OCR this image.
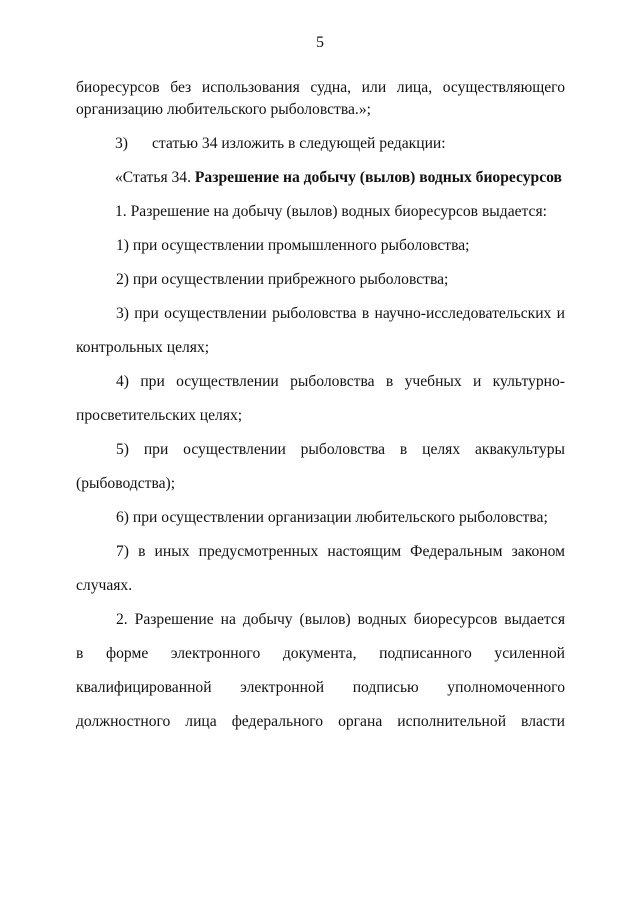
5
биоресурсов без использования судна, или лица, осуществляющего
организацию любительского рыболовства.»;
3)	статью 34 изложить в следующей редакции:
«Статья 34. Разрешение на добычу (вылов) водных биоресурсов
1. Разрешение на добычу (вылов) водных биоресурсов выдается:
1) при осуществлении промышленного рыболовства;
2) при осуществлении прибрежного рыболовства;
3) при осуществлении рыболовства в научно-исследовательских и
контрольных целях;
4) при осуществлении рыболовства в учебных и культурно-
просветительских целях;
5) при осуществлении рыболовства в целях аквакультуры
(рыбоводства);
6) при осуществлении организации любительского рыболовства;
7) в иных предусмотренных настоящим Федеральным законом
случаях.
2. Разрешение на добычу (вылов) водных биоресурсов выдается
в форме электронного документа, подписанного усиленной
квалифицированной электронной подписью уполномоченного
должностного лица федерального органа исполнительной власти
